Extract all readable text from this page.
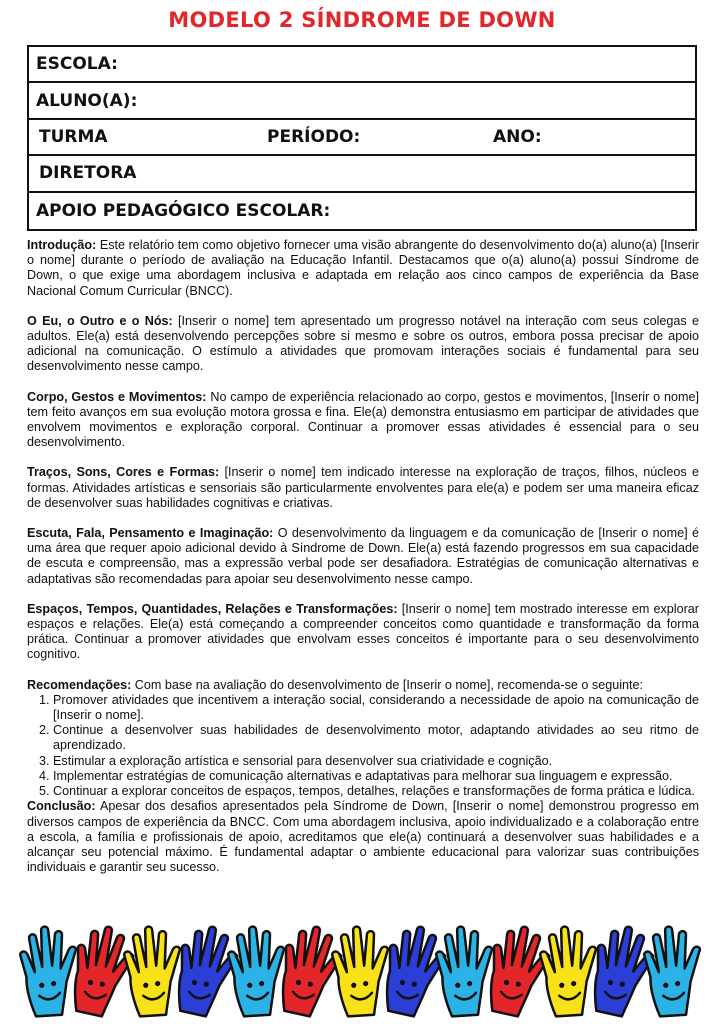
MODELO 2 SÍNDROME DE DOWN
ESCOLA:
ALUNO(A):
TURMA	PERÍODO:	ANO:
DIRETORA
APOIO PEDAGÓGICO ESCOLAR:

Introdução: Este relatório tem como objetivo fornecer uma visão abrangente do desenvolvimento do(a) aluno(a) [Inserir o nome] durante o período de avaliação na Educação Infantil. Destacamos que o(a) aluno(a) possui Síndrome de Down, o que exige uma abordagem inclusiva e adaptada em relação aos cinco campos de experiência da Base Nacional Comum Curricular (BNCC).

O Eu, o Outro e o Nós: [Inserir o nome] tem apresentado um progresso notável na interação com seus colegas e adultos. Ele(a) está desenvolvendo percepções sobre si mesmo e sobre os outros, embora possa precisar de apoio adicional na comunicação. O estímulo a atividades que promovam interações sociais é fundamental para seu desenvolvimento nesse campo.

Corpo, Gestos e Movimentos: No campo de experiência relacionado ao corpo, gestos e movimentos, [Inserir o nome] tem feito avanços em sua evolução motora grossa e fina. Ele(a) demonstra entusiasmo em participar de atividades que envolvem movimentos e exploração corporal. Continuar a promover essas atividades é essencial para o seu desenvolvimento.

Traços, Sons, Cores e Formas: [Inserir o nome] tem indicado interesse na exploração de traços, filhos, núcleos e formas. Atividades artísticas e sensoriais são particularmente envolventes para ele(a) e podem ser uma maneira eficaz de desenvolver suas habilidades cognitivas e criativas.

Escuta, Fala, Pensamento e Imaginação: O desenvolvimento da linguagem e da comunicação de [Inserir o nome] é uma área que requer apoio adicional devido à Síndrome de Down. Ele(a) está fazendo progressos em sua capacidade de escuta e compreensão, mas a expressão verbal pode ser desafiadora. Estratégias de comunicação alternativas e adaptativas são recomendadas para apoiar seu desenvolvimento nesse campo.

Espaços, Tempos, Quantidades, Relações e Transformações: [Inserir o nome] tem mostrado interesse em explorar espaços e relações. Ele(a) está começando a compreender conceitos como quantidade e transformação da forma prática. Continuar a promover atividades que envolvam esses conceitos é importante para o seu desenvolvimento cognitivo.

Recomendações: Com base na avaliação do desenvolvimento de [Inserir o nome], recomenda-se o seguinte:

1. Promover atividades que incentivem a interação social, considerando a necessidade de apoio na comunicação de [Inserir o nome].
2. Continue a desenvolver suas habilidades de desenvolvimento motor, adaptando atividades ao seu ritmo de aprendizado.
3. Estimular a exploração artística e sensorial para desenvolver sua criatividade e cognição.
4. Implementar estratégias de comunicação alternativas e adaptativas para melhorar sua linguagem e expressão.
5. Continuar a explorar conceitos de espaços, tempos, detalhes, relações e transformações de forma prática e lúdica.

Conclusão: Apesar dos desafios apresentados pela Síndrome de Down, [Inserir o nome] demonstrou progresso em diversos campos de experiência da BNCC. Com uma abordagem inclusiva, apoio individualizado e a colaboração entre a escola, a família e profissionais de apoio, acreditamos que ele(a) continuará a desenvolver suas habilidades e a alcançar seu potencial máximo. É fundamental adaptar o ambiente educacional para valorizar suas contribuições individuais e garantir seu sucesso.
